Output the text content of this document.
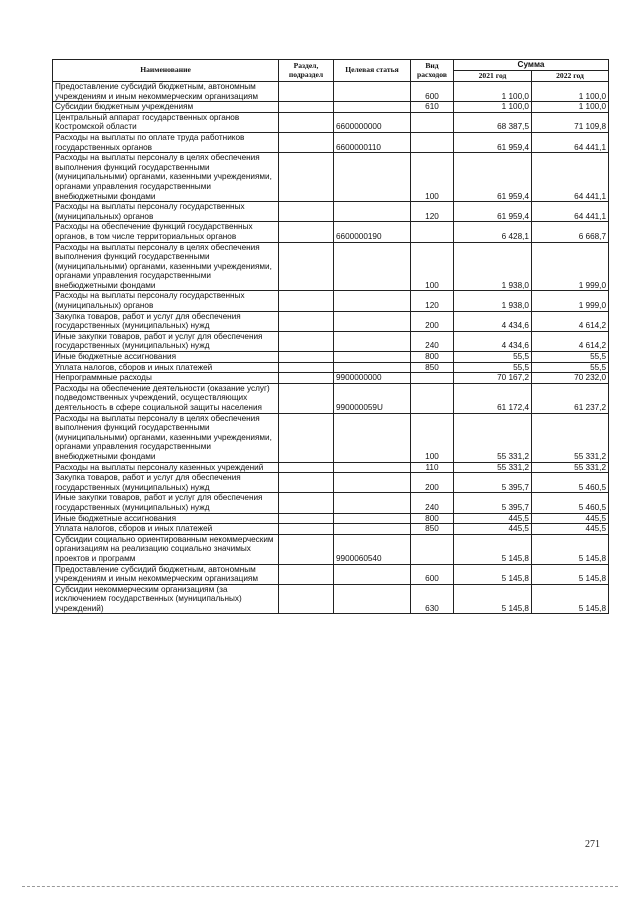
Наименование	Раздел, подраздел	Целевая статья	Вид расходов	Сумма	
				2021 год	2022 год
Предоставление субсидий бюджетным, автономным учреждениям и иным некоммерческим организациям			600	1 100,0	1 100,0
Субсидии бюджетным учреждениям			610	1 100,0	1 100,0
Центральный аппарат государственных органов Костромской области		6600000000		68 387,5	71 109,8
Расходы на выплаты по оплате труда работников государственных органов		6600000110		61 959,4	64 441,1
Расходы на выплаты персоналу в целях обеспечения выполнения функций государственными (муниципальными) органами, казенными учреждениями, органами управления государственными внебюджетными фондами			100	61 959,4	64 441,1
Расходы на выплаты персоналу государственных (муниципальных) органов			120	61 959,4	64 441,1
Расходы на обеспечение функций государственных органов, в том числе территориальных органов		6600000190		6 428,1	6 668,7
Расходы на выплаты персоналу в целях обеспечения выполнения функций государственными (муниципальными) органами, казенными учреждениями, органами управления государственными внебюджетными фондами			100	1 938,0	1 999,0
Расходы на выплаты персоналу государственных (муниципальных) органов			120	1 938,0	1 999,0
Закупка товаров, работ и услуг для обеспечения государственных (муниципальных) нужд			200	4 434,6	4 614,2
Иные закупки товаров, работ и услуг для обеспечения государственных (муниципальных) нужд			240	4 434,6	4 614,2
Иные бюджетные ассигнования			800	55,5	55,5
Уплата налогов, сборов и иных платежей			850	55,5	55,5
Непрограммные расходы		9900000000		70 167,2	70 232,0
Расходы на обеспечение деятельности (оказание услуг) подведомственных учреждений, осуществляющих деятельность в сфере социальной защиты населения		990000059U		61 172,4	61 237,2
Расходы на выплаты персоналу в целях обеспечения выполнения функций государственными (муниципальными) органами, казенными учреждениями, органами управления государственными внебюджетными фондами			100	55 331,2	55 331,2
Расходы на выплаты персоналу казенных учреждений			110	55 331,2	55 331,2
Закупка товаров, работ и услуг для обеспечения государственных (муниципальных) нужд			200	5 395,7	5 460,5
Иные закупки товаров, работ и услуг для обеспечения государственных (муниципальных) нужд			240	5 395,7	5 460,5
Иные бюджетные ассигнования			800	445,5	445,5
Уплата налогов, сборов и иных платежей			850	445,5	445,5
Субсидии социально ориентированным некоммерческим организациям на реализацию социально значимых проектов и программ		9900060540		5 145,8	5 145,8
Предоставление субсидий бюджетным, автономным учреждениям и иным некоммерческим организациям			600	5 145,8	5 145,8
Субсидии некоммерческим организациям (за исключением государственных (муниципальных) учреждений)			630	5 145,8	5 145,8
271
